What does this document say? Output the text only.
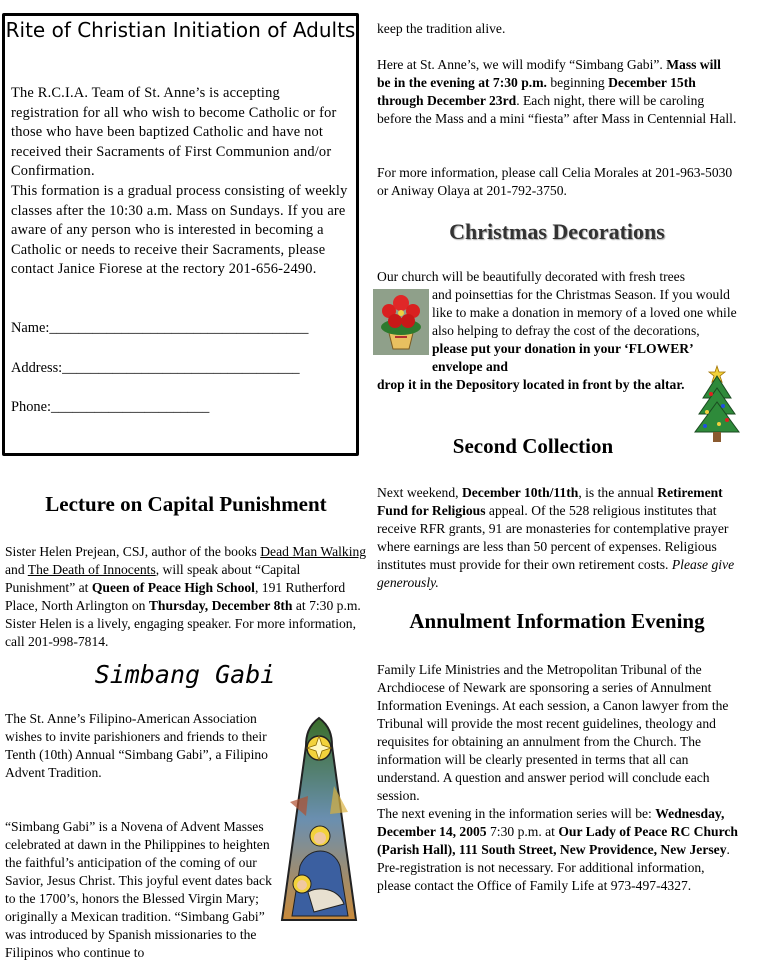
Rite of Christian Initiation of Adults
The R.C.I.A. Team of St. Anne’s is accepting registration for all who wish to become Catholic or for those who have been baptized Catholic and have not received their Sacraments of First Communion and/or Confirmation.
This formation is a gradual process consisting of weekly classes after the 10:30 a.m. Mass on Sundays. If you are aware of any person who is interested in becoming a Catholic or needs to receive their Sacraments, please contact Janice Fiorese at the rectory 201-656-2490.
Name:____________________________________
Address:_________________________________
Phone:______________________
Lecture on Capital Punishment
Sister Helen Prejean, CSJ, author of the books Dead Man Walking and The Death of Innocents, will speak about “Capital Punishment” at Queen of Peace High School, 191 Rutherford Place, North Arlington on Thursday, December 8th at 7:30 p.m. Sister Helen is a lively, engaging speaker. For more information, call 201-998-7814.
Simbang Gabi
The St. Anne’s Filipino-American Association wishes to invite parishioners and friends to their Tenth (10th) Annual “Simbang Gabi”, a Filipino Advent Tradition.
“Simbang Gabi” is a Novena of Advent Masses celebrated at dawn in the Philippines to heighten the faithful’s anticipation of the coming of our Savior, Jesus Christ. This joyful event dates back to the 1700’s, honors the Blessed Virgin Mary; originally a Mexican tradition. “Simbang Gabi” was introduced by Spanish missionaries to the Filipinos who continue to
keep the tradition alive.
Here at St. Anne’s, we will modify “Simbang Gabi”. Mass will be in the evening at 7:30 p.m. beginning December 15th through December 23rd. Each night, there will be caroling before the Mass and a mini “fiesta” after Mass in Centennial Hall.
For more information, please call Celia Morales at 201-963-5030 or Aniway Olaya at 201-792-3750.
Christmas Decorations
Our church will be beautifully decorated with fresh trees
and poinsettias for the Christmas Season. If you would like to make a donation in memory of a loved one while also helping to defray the cost of the decorations, please put your donation in your ‘FLOWER’ envelope and
drop it in the Depository located in front by the altar.
Second Collection
Next weekend, December 10th/11th, is the annual Retirement Fund for Religious appeal. Of the 528 religious institutes that receive RFR grants, 91 are monasteries for contemplative prayer where earnings are less than 50 percent of expenses. Religious institutes must provide for their own retirement costs. Please give generously.
Annulment Information Evening
Family Life Ministries and the Metropolitan Tribunal of the Archdiocese of Newark are sponsoring a series of Annulment Information Evenings. At each session, a Canon lawyer from the Tribunal will provide the most recent guidelines, theology and requisites for obtaining an annulment from the Church. The information will be clearly presented in terms that all can understand. A question and answer period will conclude each session.
The next evening in the information series will be: Wednesday, December 14, 2005 7:30 p.m. at Our Lady of Peace RC Church (Parish Hall), 111 South Street, New Providence, New Jersey. Pre-registration is not necessary. For additional information, please contact the Office of Family Life at 973-497-4327.
